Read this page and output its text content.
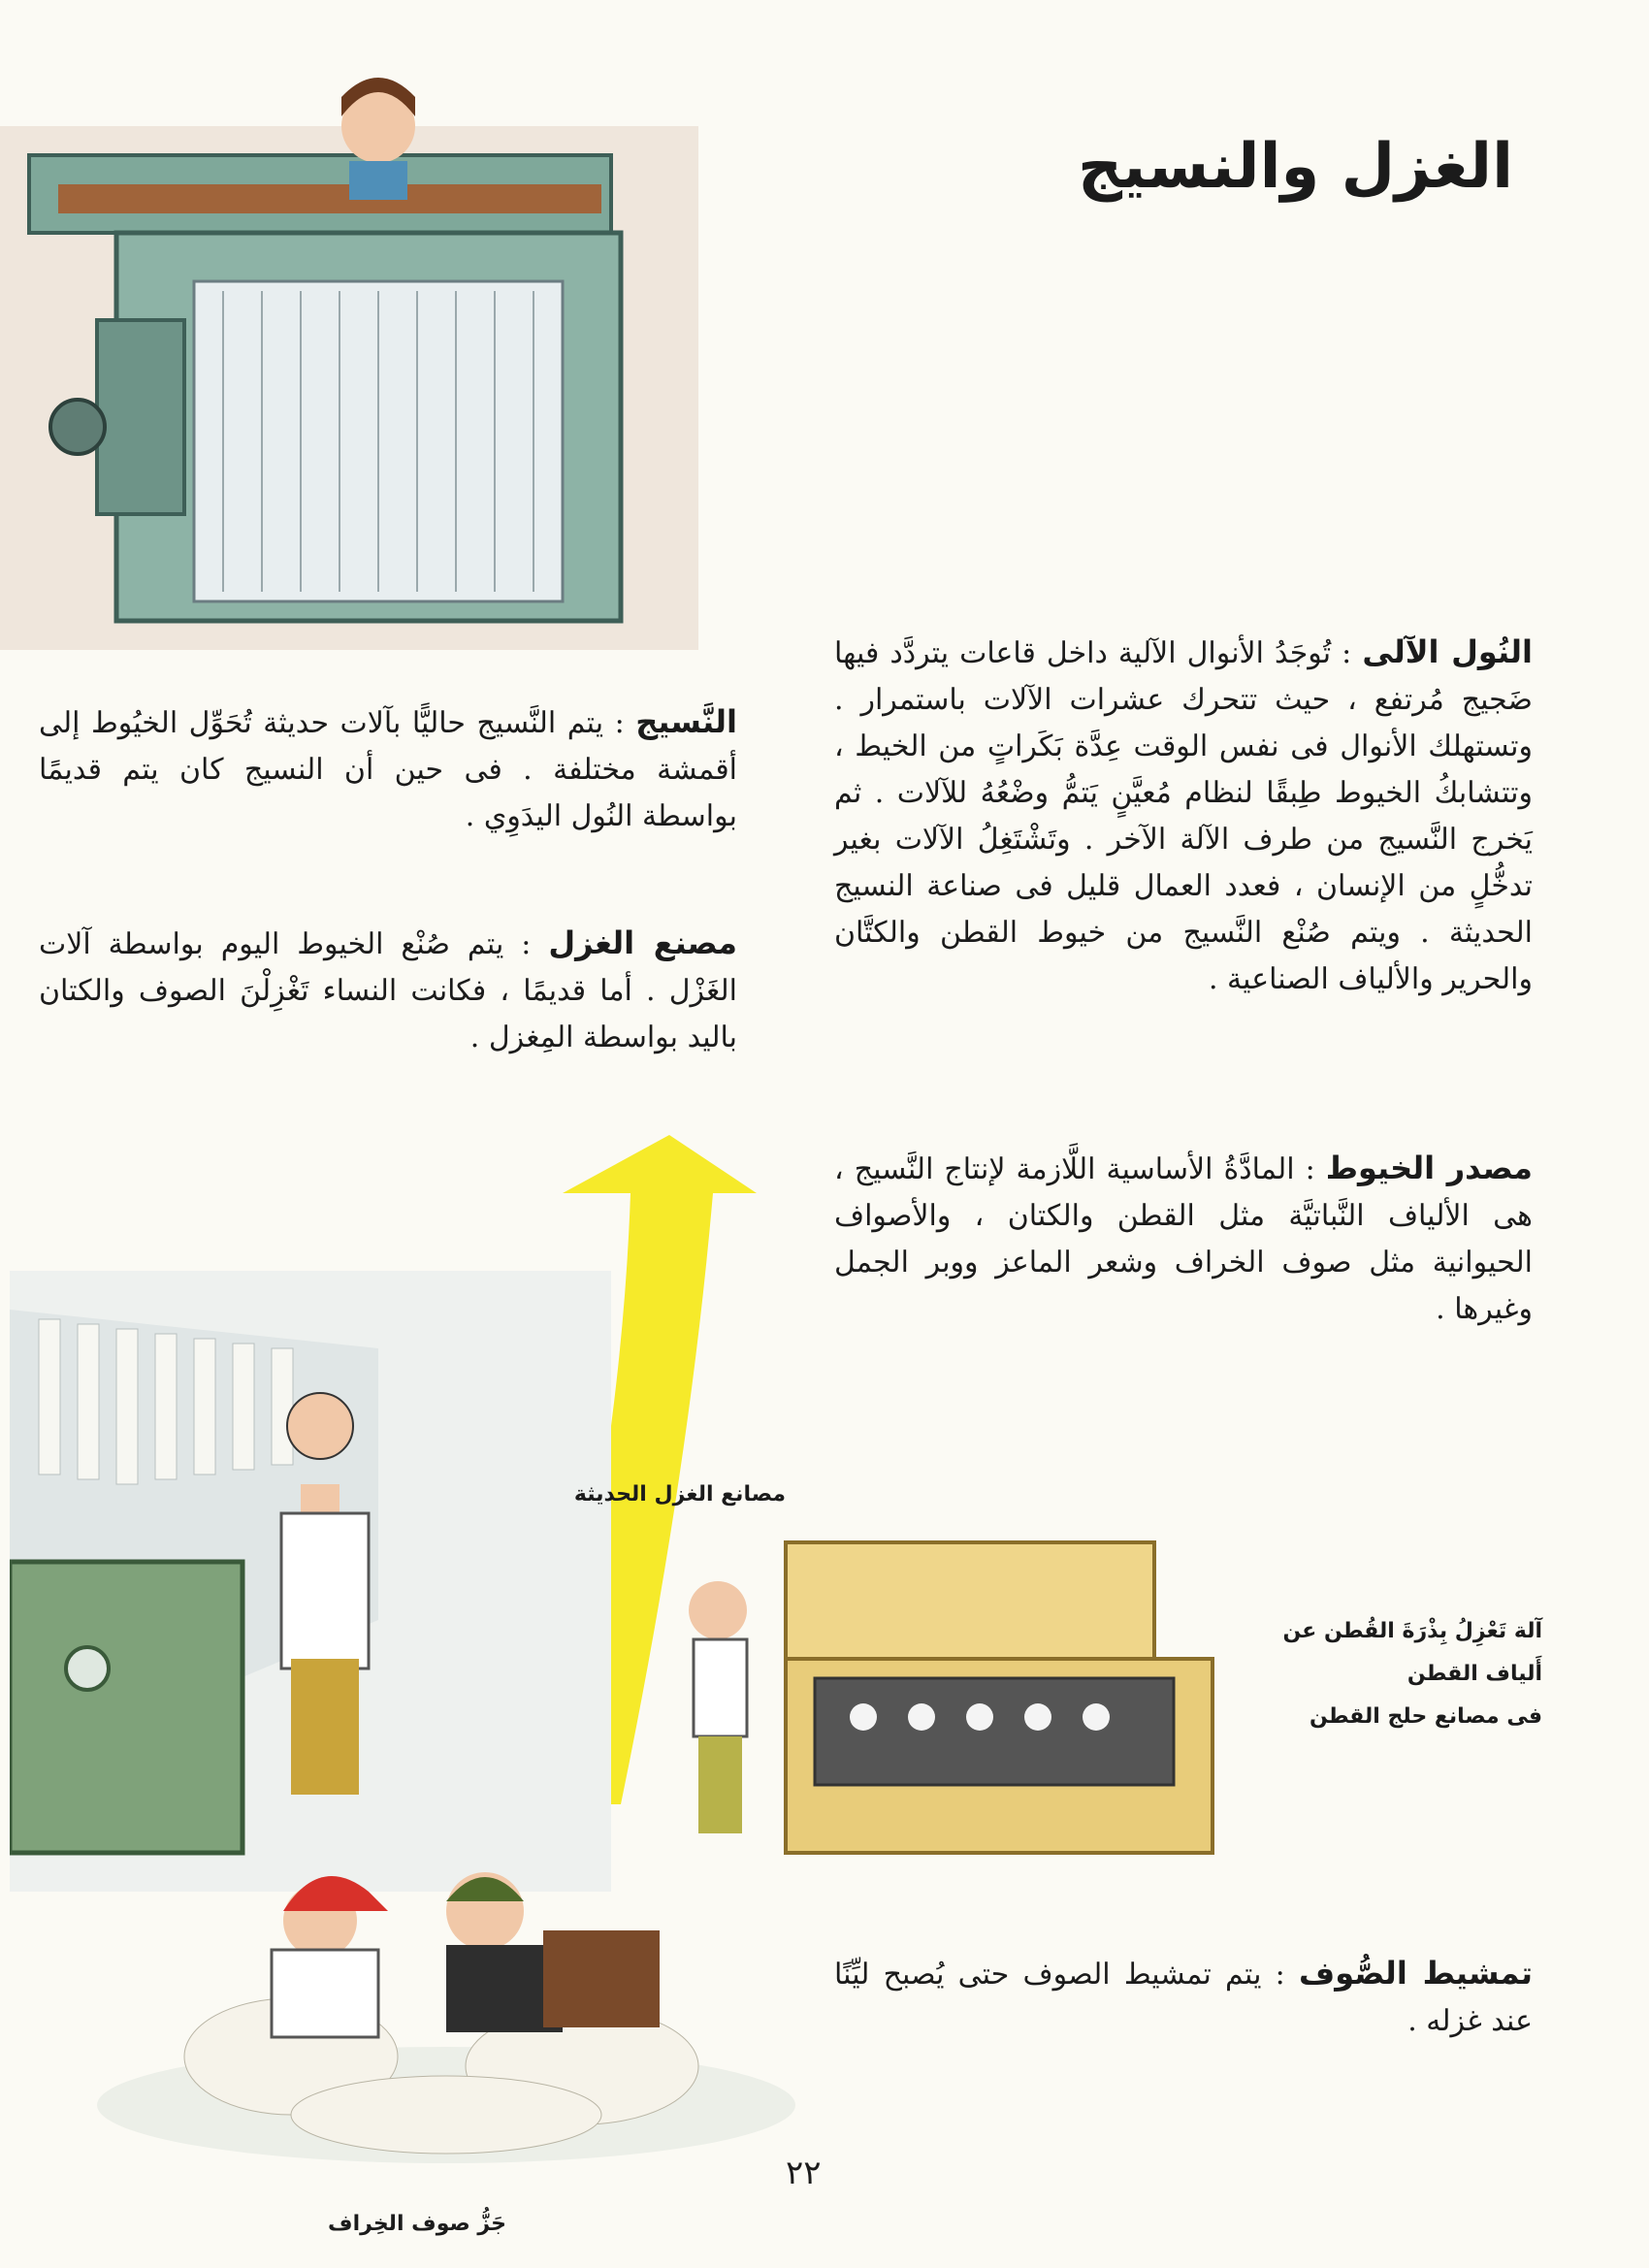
الغزل والنسيج
النُول الآلى : تُوجَدُ الأنوال الآلية داخل قاعات يتردَّد فيها ضَجيج مُرتفع ، حيث تتحرك عشرات الآلات باستمرار . وتستهلك الأنوال فى نفس الوقت عِدَّة بَكَراتٍ من الخيط ، وتتشابكُ الخيوط طِبقًا لنظام مُعيَّنٍ يَتمُّ وضْعُهُ للآلات . ثم يَخرج النَّسيج من طرف الآلة الآخر . وتَشْتَغِلُ الآلات بغير تدخُّلٍ من الإنسان ، فعدد العمال قليل فى صناعة النسيج الحديثة . ويتم صُنْع النَّسيج من خيوط القطن والكتَّان والحرير والألياف الصناعية .
النَّسيج : يتم النَّسيج حاليًّا بآلات حديثة تُحَوِّل الخيُوط إلى أقمشة مختلفة . فى حين أن النسيج كان يتم قديمًا بواسطة النُول اليدَوِي .
مصنع الغزل : يتم صُنْع الخيوط اليوم بواسطة آلات الغَزْل . أما قديمًا ، فكانت النساء تَغْزِلْنَ الصوف والكتان باليد بواسطة المِغزل .
مصدر الخيوط : المادَّةُ الأساسية اللَّازمة لإنتاج النَّسيج ، هى الألياف النَّباتيَّة مثل القطن والكتان ، والأصواف الحيوانية مثل صوف الخراف وشعر الماعز ووبر الجمل وغيرها .
مصانع الغزل الحديثة
آلة تَعْزِلُ بِذْرَةَ القُطن عن أَلياف القطن
فى مصانع حلج القطن
تمشيط الصُّوف : يتم تمشيط الصوف حتى يُصبح ليِّنًا عند غزله .
٢٢
جَزُّ صوف الخِراف
